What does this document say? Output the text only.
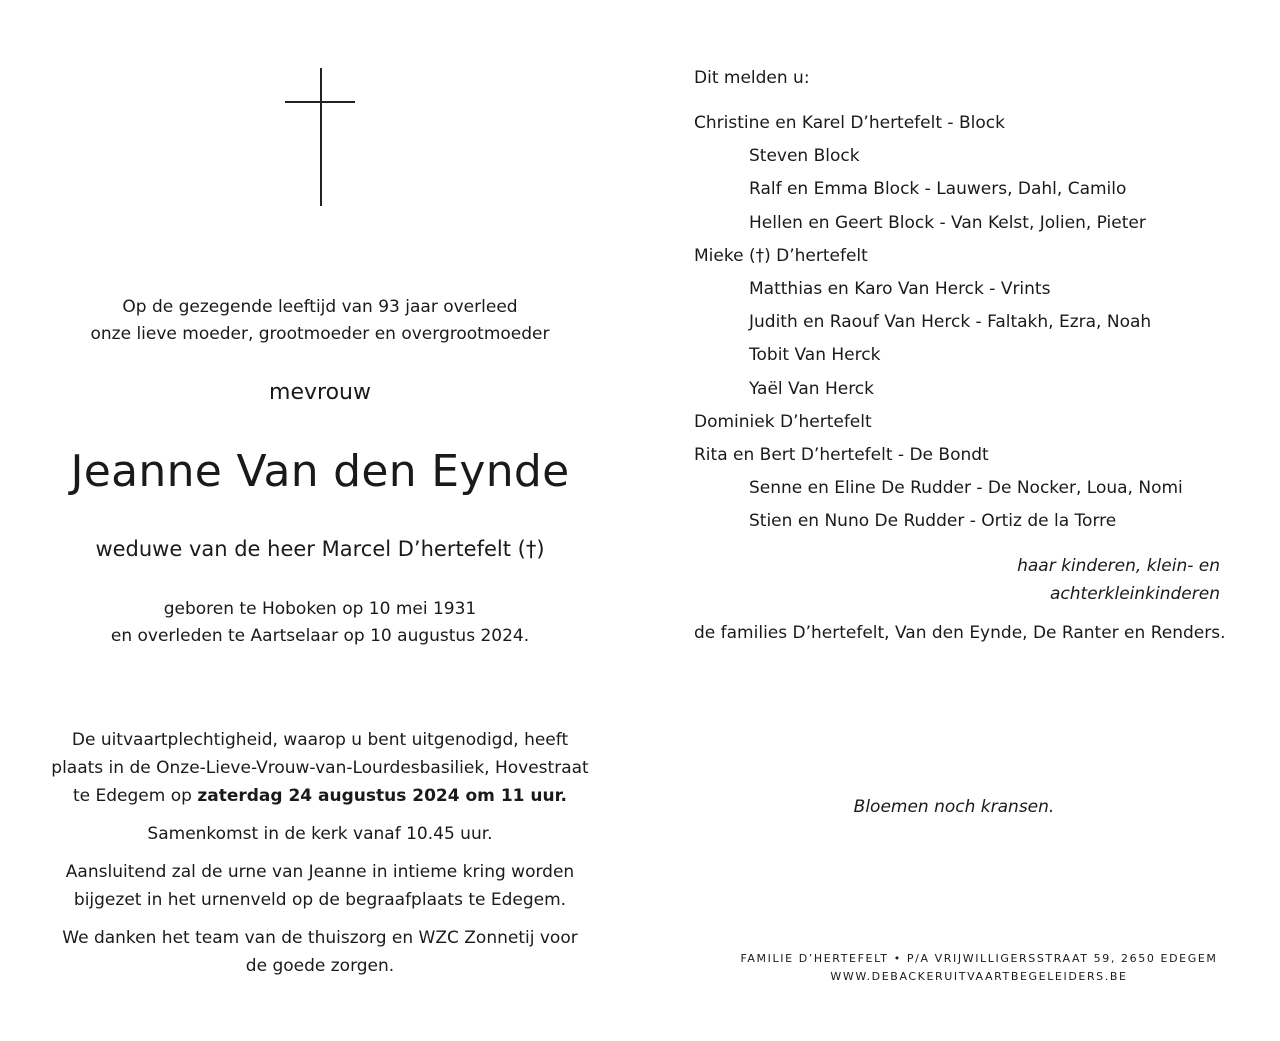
Op de gezegende leeftijd van 93 jaar overleed
onze lieve moeder, grootmoeder en overgrootmoeder
mevrouw
Jeanne Van den Eynde
weduwe van de heer Marcel D’hertefelt (†)
geboren te Hoboken op 10 mei 1931
en overleden te Aartselaar op 10 augustus 2024.

De uitvaartplechtigheid, waarop u bent uitgenodigd, heeft
plaats in de Onze-Lieve-Vrouw-van-Lourdesbasiliek, Hovestraat
te Edegem op zaterdag 24 augustus 2024 om 11 uur.

Samenkomst in de kerk vanaf 10.45 uur.

Aansluitend zal de urne van Jeanne in intieme kring worden
bijgezet in het urnenveld op de begraafplaats te Edegem.

We danken het team van de thuiszorg en WZC Zonnetij voor
de goede zorgen.

Dit melden u:
Christine en Karel D’hertefelt - Block
Steven Block
Ralf en Emma Block - Lauwers, Dahl, Camilo
Hellen en Geert Block - Van Kelst, Jolien, Pieter
Mieke (†) D’hertefelt
Matthias en Karo Van Herck - Vrints
Judith en Raouf Van Herck - Faltakh, Ezra, Noah
Tobit Van Herck
Yaël Van Herck
Dominiek D’hertefelt
Rita en Bert D’hertefelt - De Bondt
Senne en Eline De Rudder - De Nocker, Loua, Nomi
Stien en Nuno De Rudder - Ortiz de la Torre
haar kinderen, klein- en
achterkleinkinderen
de families D’hertefelt, Van den Eynde, De Ranter en Renders.
Bloemen noch kransen.
FAMILIE D’HERTEFELT • P/A VRIJWILLIGERSSTRAAT 59, 2650 EDEGEM
WWW.DEBACKERUITVAARTBEGELEIDERS.BE
